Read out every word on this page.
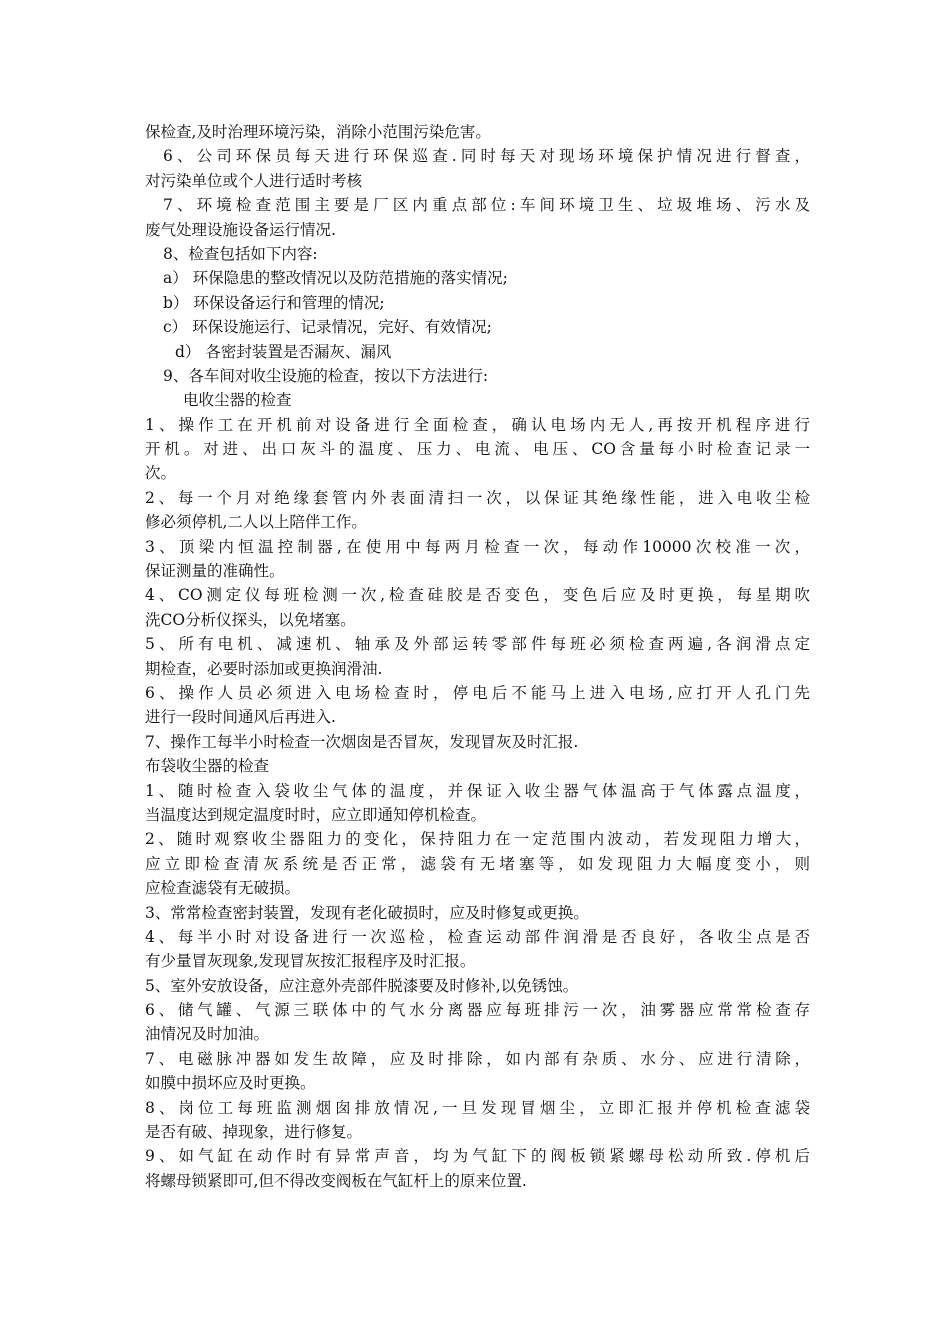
保检查,及时治理环境污染，消除小范围污染危害。
6、公司环保员每天进行环保巡查.同时每天对现场环境保护情况进行督查，
对污染单位或个人进行适时考核
7、环境检查范围主要是厂区内重点部位:车间环境卫生、垃圾堆场、污水及
废气处理设施设备运行情况.
8、检查包括如下内容:
a） 环保隐患的整改情况以及防范措施的落实情况;
b） 环保设备运行和管理的情况;
c） 环保设施运行、记录情况，完好、有效情况;
d） 各密封装置是否漏灰、漏风
9、各车间对收尘设施的检查，按以下方法进行:
电收尘器的检查
1、操作工在开机前对设备进行全面检查，确认电场内无人,再按开机程序进行
开机。对进、出口灰斗的温度、压力、电流、电压、CO含量每小时检查记录一
次。
2、每一个月对绝缘套管内外表面清扫一次，以保证其绝缘性能，进入电收尘检
修必须停机,二人以上陪伴工作。
3、顶梁内恒温控制器,在使用中每两月检查一次，每动作10000次校准一次，
保证测量的准确性。
4、CO测定仪每班检测一次,检查硅胶是否变色，变色后应及时更换，每星期吹
洗CO分析仪探头，以免堵塞。
5、所有电机、减速机、轴承及外部运转零部件每班必须检查两遍,各润滑点定
期检查，必要时添加或更换润滑油.
6、操作人员必须进入电场检查时，停电后不能马上进入电场,应打开人孔门先
进行一段时间通风后再进入.
7、操作工每半小时检查一次烟囱是否冒灰，发现冒灰及时汇报.
布袋收尘器的检查
1、随时检查入袋收尘气体的温度，并保证入收尘器气体温高于气体露点温度，
当温度达到规定温度时时，应立即通知停机检查。
2、随时观察收尘器阻力的变化，保持阻力在一定范围内波动，若发现阻力增大，
应立即检查清灰系统是否正常，滤袋有无堵塞等，如发现阻力大幅度变小，则
应检查滤袋有无破损。
3、常常检查密封装置，发现有老化破损时，应及时修复或更换。
4、每半小时对设备进行一次巡检，检查运动部件润滑是否良好，各收尘点是否
有少量冒灰现象,发现冒灰按汇报程序及时汇报。
5、室外安放设备，应注意外壳部件脱漆要及时修补,以免锈蚀。
6、储气罐、气源三联体中的气水分离器应每班排污一次，油雾器应常常检查存
油情况及时加油。
7、电磁脉冲器如发生故障，应及时排除，如内部有杂质、水分、应进行清除，
如膜中损坏应及时更换。
8、岗位工每班监测烟囱排放情况,一旦发现冒烟尘，立即汇报并停机检查滤袋
是否有破、掉现象，进行修复。
9、如气缸在动作时有异常声音，均为气缸下的阀板锁紧螺母松动所致.停机后
将螺母锁紧即可,但不得改变阀板在气缸杆上的原来位置.
